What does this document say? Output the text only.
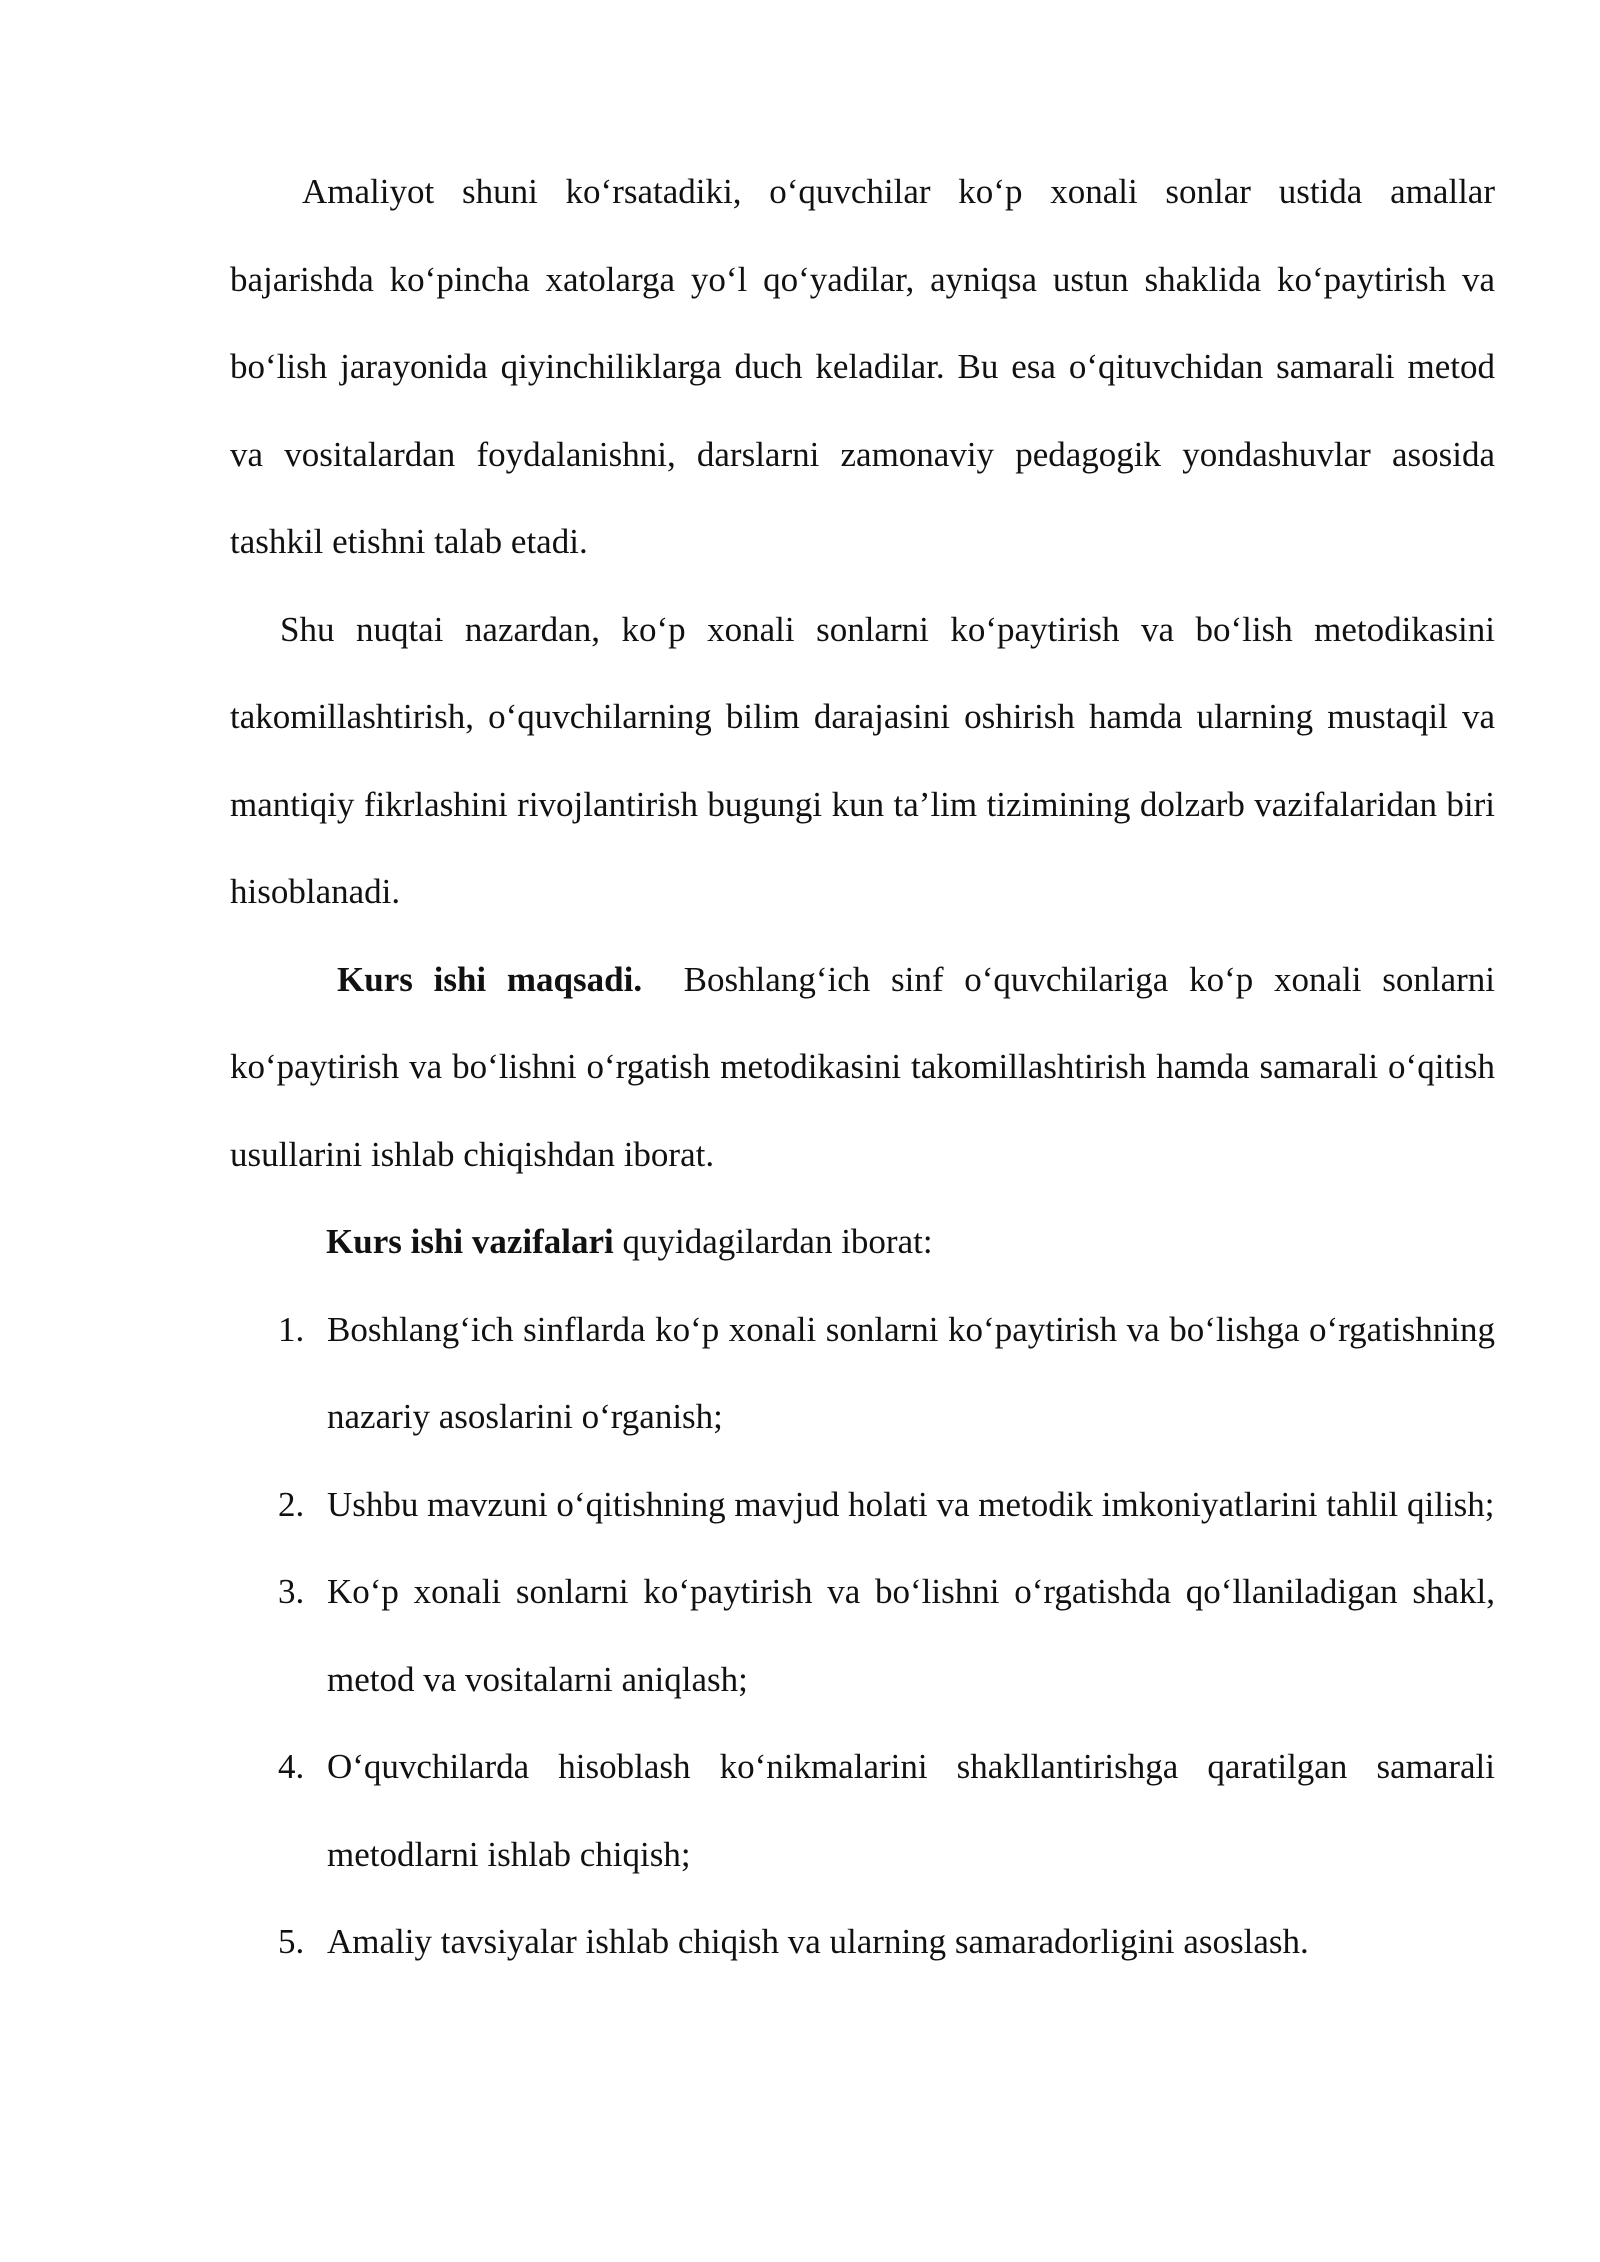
Amaliyot shuni ko‘rsatadiki, o‘quvchilar ko‘p xonali sonlar ustida amallar bajarishda ko‘pincha xatolarga yo‘l qo‘yadilar, ayniqsa ustun shaklida ko‘paytirish va bo‘lish jarayonida qiyinchiliklarga duch keladilar. Bu esa o‘qituvchidan samarali metod va vositalardan foydalanishni, darslarni zamonaviy pedagogik yondashuvlar asosida tashkil etishni talab etadi.

Shu nuqtai nazardan, ko‘p xonali sonlarni ko‘paytirish va bo‘lish metodikasini takomillashtirish, o‘quvchilarning bilim darajasini oshirish hamda ularning mustaqil va mantiqiy fikrlashini rivojlantirish bugungi kun ta’lim tizimining dolzarb vazifalaridan biri hisoblanadi.

Kurs ishi maqsadi. Boshlang‘ich sinf o‘quvchilariga ko‘p xonali sonlarni ko‘paytirish va bo‘lishni o‘rgatish metodikasini takomillashtirish hamda samarali o‘qitish usullarini ishlab chiqishdan iborat.

Kurs ishi vazifalari quyidagilardan iborat:

1. Boshlang‘ich sinflarda ko‘p xonali sonlarni ko‘paytirish va bo‘lishga o‘rgatishning nazariy asoslarini o‘rganish;
2. Ushbu mavzuni o‘qitishning mavjud holati va metodik imkoniyatlarini tahlil qilish;
3. Ko‘p xonali sonlarni ko‘paytirish va bo‘lishni o‘rgatishda qo‘llaniladigan shakl, metod va vositalarni aniqlash;
4. O‘quvchilarda hisoblash ko‘nikmalarini shakllantirishga qaratilgan samarali metodlarni ishlab chiqish;
5. Amaliy tavsiyalar ishlab chiqish va ularning samaradorligini asoslash.
